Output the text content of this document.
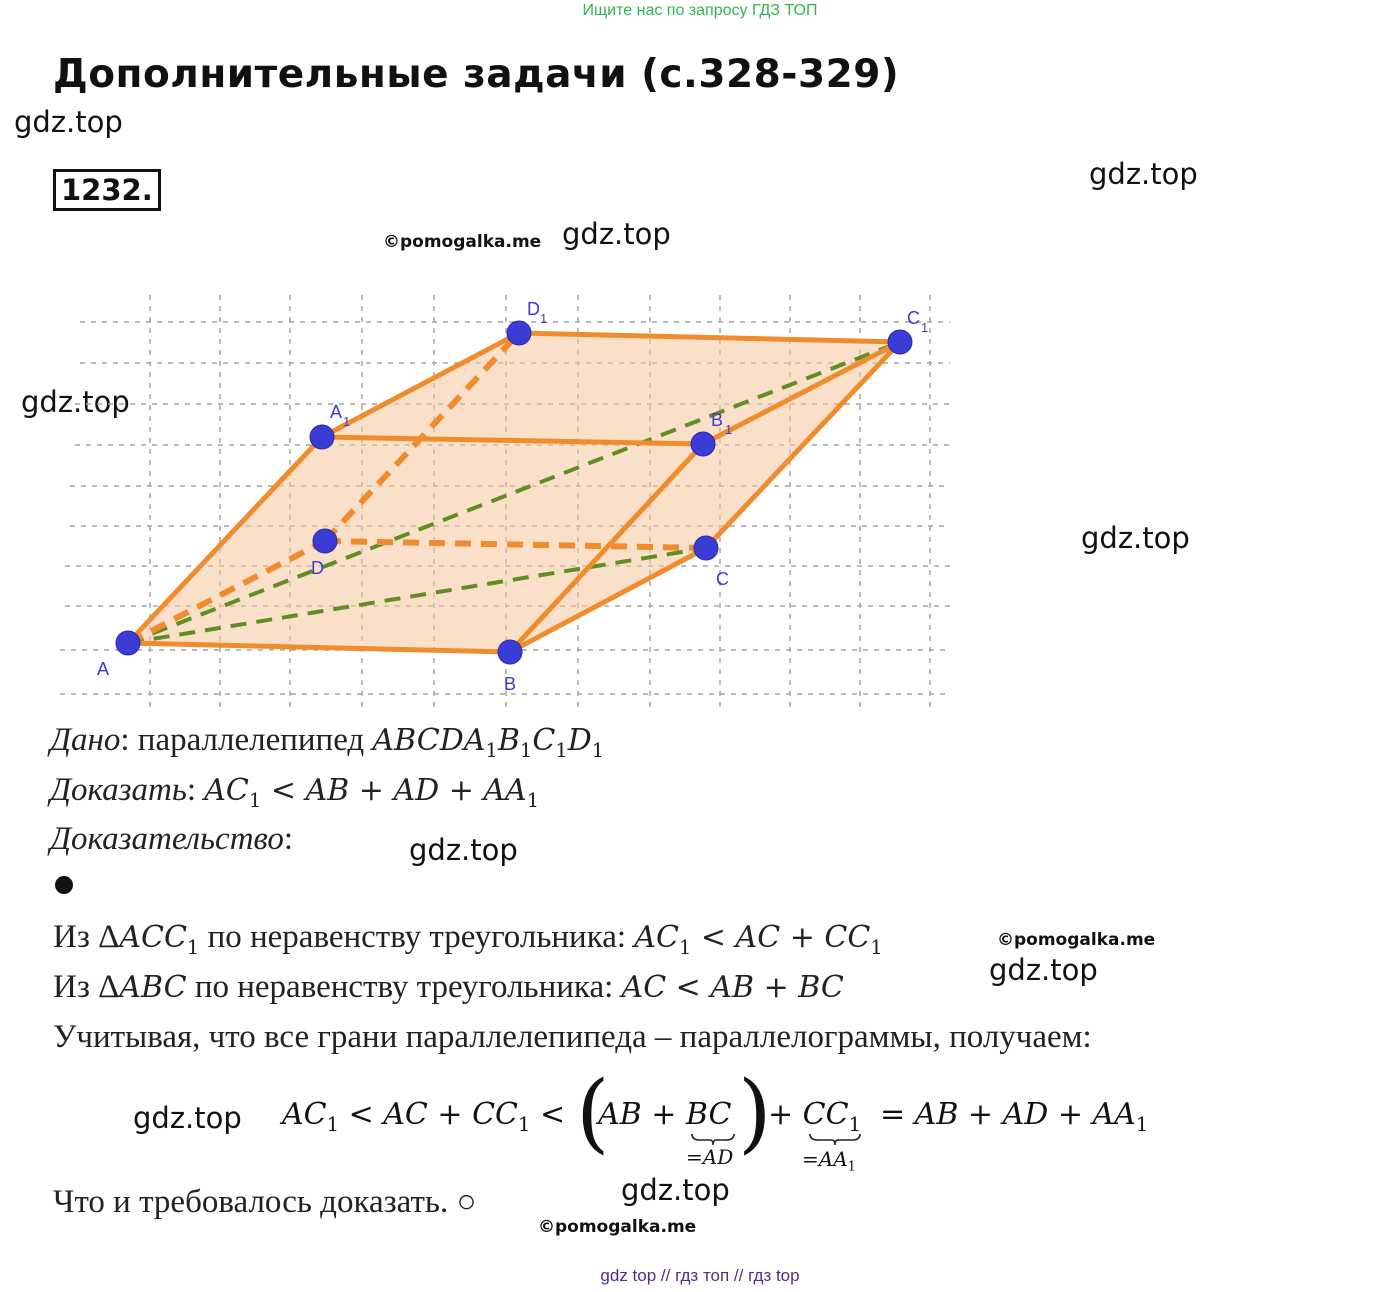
Ищите нас по запросу ГДЗ ТОП
Дополнительные задачи (с.328-329)
gdz.top
gdz.top
gdz.top
gdz.top
gdz.top
gdz.top
gdz.top
gdz.top
gdz.top
©pomogalka.me
©pomogalka.me
©pomogalka.me
1232.
A
B
C
D
A 1	B 1
C 1
D 1
Дано: параллелепипед $ABCDA_1B_1C_1D_1$
Доказать: $AC_1$ < AB + AD + $AA_1$
Доказательство:
Из $\Delta ACC_1$ по неравенству треугольника: $AC_1$ < AC + $CC_1$
Из ΔABC по неравенству треугольника: AC < AB + BC
Учитывая, что все грани параллелепипеда – параллелограммы, получаем:
$AC_1$ < AC + $CC_1$ < (
AB + BC )
+ $CC_1$ = AB + AD + $AA_1$
=AD	$=AA_1$
Что и требовалось доказать. ○
gdz top // гдз топ // гдз top
